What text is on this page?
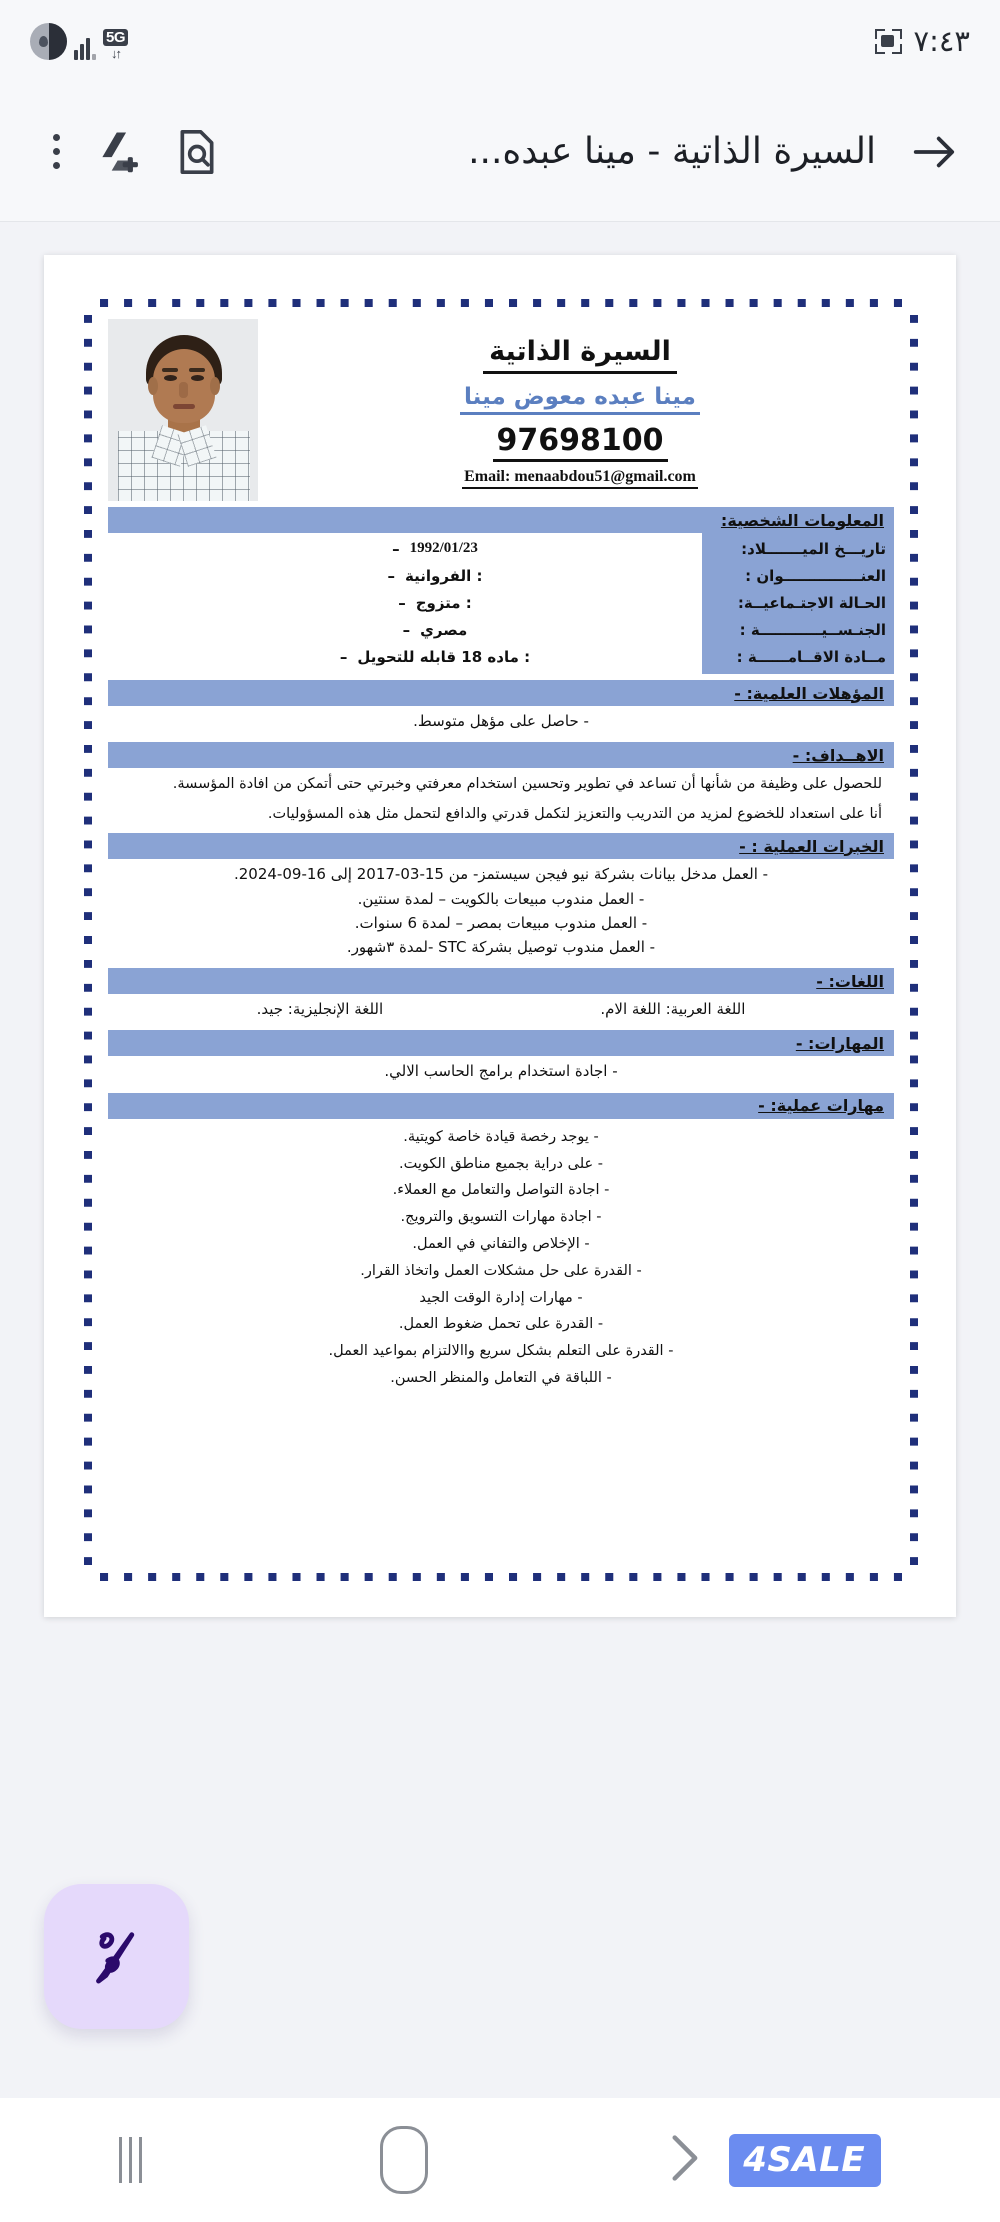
5G
↓↑	٧:٤٣
السيرة الذاتية - مينا عبده...
السيرة الذاتية
مينا عبده معوض مينا
97698100
Email: menaabdou51@gmail.com
المعلومات الشخصية:
تاريـــخ الميـــــــلاد:
العنـــــــــــــــوان :
الحـالة الاجتـماعيــة:
الجنـســيــــــــــــة :
مــادة الاقــامــــــة :
1992/01/23
–
: الفروانية
–
: متزوج
–
مصري
–
: ماده 18 قابله للتحويل
–
المؤهلات العلمية: -
- حاصل على مؤهل متوسط.
الاهــداف: -
للحصول على وظيفة من شأنها أن تساعد في تطوير وتحسين استخدام معرفتي وخبرتي حتى أتمكن من افادة المؤسسة.
أنا على استعداد للخضوع لمزيد من التدريب والتعزيز لتكمل قدرتي والدافع لتحمل مثل هذه المسؤوليات.
الخبرات العملية : -
- العمل مدخل بيانات بشركة نيو فيجن سيستمز- من 15-03-2017 إلى 16-09-2024.
- العمل مندوب مبيعات بالكويت – لمدة سنتين.
- العمل مندوب مبيعات بمصر – لمدة 6 سنوات.
- العمل مندوب توصيل بشركة STC -لمدة ٣شهور.
اللغات: -
اللغة العربية: اللغة الام.
اللغة الإنجليزية: جيد.
المهارات: -
- اجادة استخدام برامج الحاسب الالي.
مهارات عملية: -
- يوجد رخصة قيادة خاصة كويتية.
- على دراية بجميع مناطق الكويت.
- اجادة التواصل والتعامل مع العملاء.
- اجادة مهارات التسويق والترويج.
- الإخلاص والتفاني في العمل.
- القدرة على حل مشكلات العمل واتخاذ القرار.
- مهارات إدارة الوقت الجيد
- القدرة على تحمل ضغوط العمل.
- القدرة على التعلم بشكل سريع واالالتزام بمواعيد العمل.
- اللباقة في التعامل والمنظر الحسن.
4SALE
